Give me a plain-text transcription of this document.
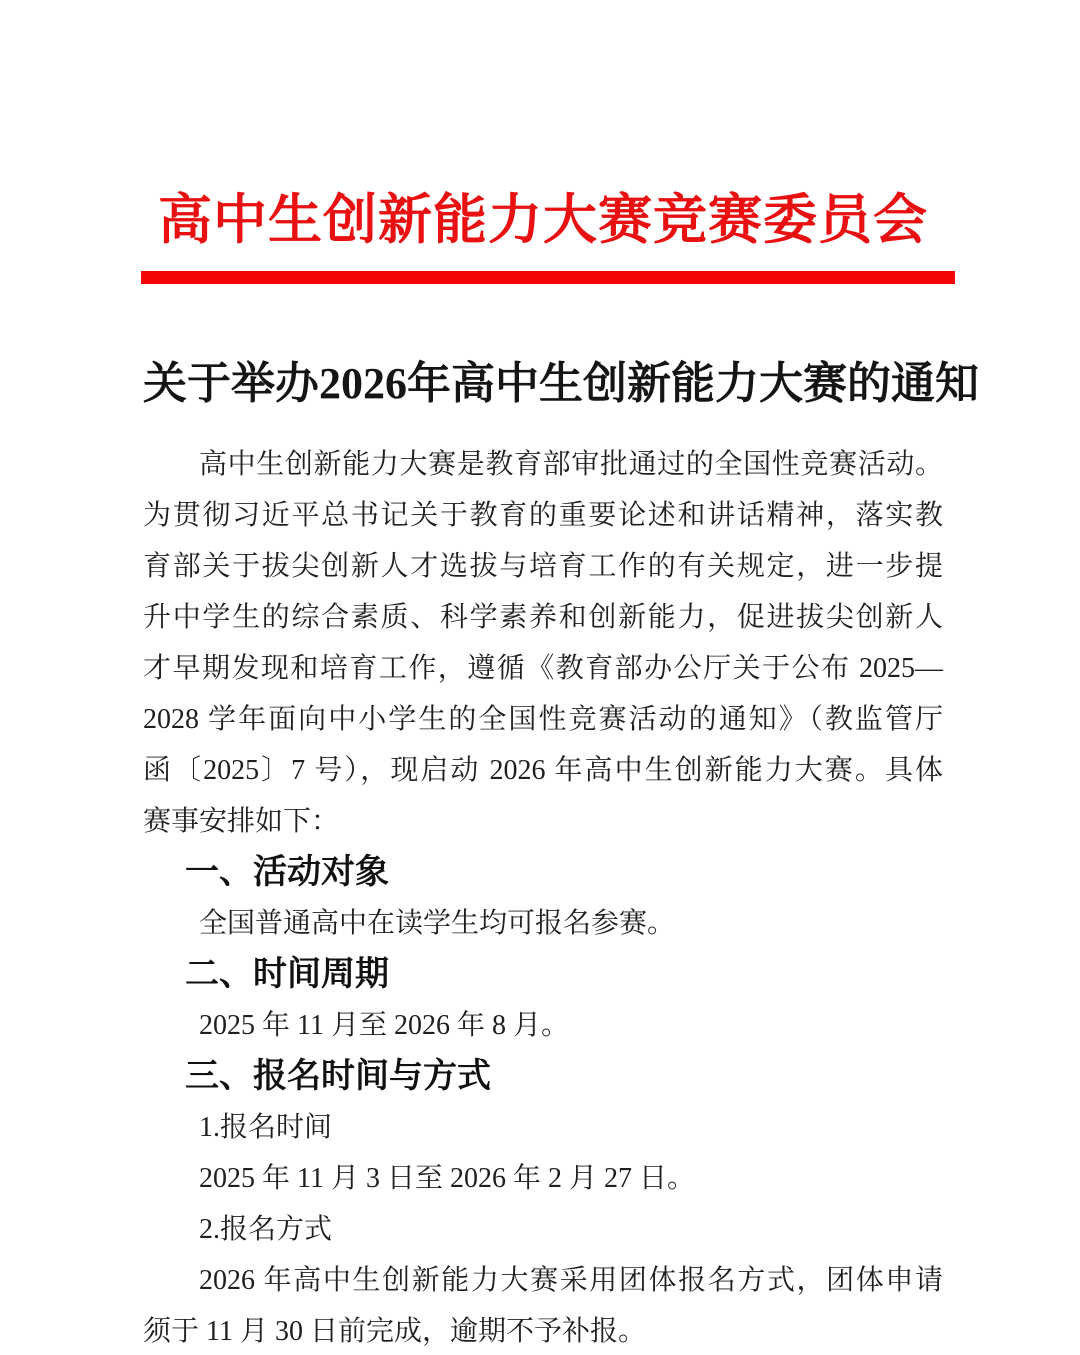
高中生创新能力大赛竞赛委员会
关于举办2026年高中生创新能力大赛的通知
高中生创新能力大赛是教育部审批通过的全国性竞赛活动。
为贯彻习近平总书记关于教育的重要论述和讲话精神，落实教
育部关于拔尖创新人才选拔与培育工作的有关规定，进一步提
升中学生的综合素质、科学素养和创新能力，促进拔尖创新人
才早期发现和培育工作，遵循《教育部办公厅关于公布 2025—
2028 学年面向中小学生的全国性竞赛活动的通知》（教监管厅
函〔2025〕7 号），现启动 2026 年高中生创新能力大赛。具体
赛事安排如下：
一、活动对象
全国普通高中在读学生均可报名参赛。
二、时间周期
2025 年 11 月至 2026 年 8 月。
三、报名时间与方式
1.报名时间
2025 年 11 月 3 日至 2026 年 2 月 27 日。
2.报名方式
2026 年高中生创新能力大赛采用团体报名方式，团体申请
须于 11 月 30 日前完成，逾期不予补报。
